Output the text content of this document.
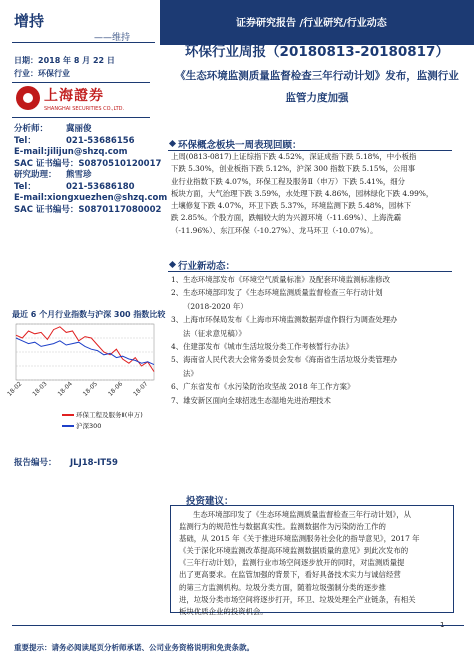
增持
——维持
日期：2018 年 8 月 22 日
行业：环保行业
上海證券
SHANGHAI SECURITIES CO.,LTD.
分析师： 冀丽俊
Tel：	021-53686156
E-mail:jilijun@shzq.com
SAC 证书编号：S0870510120017
研究助理： 熊雪珍
Tel：	021-53686180
E-mail:xiongxuezhen@shzq.com
SAC 证书编号：S0870117080002
最近 6 个月行业指数与沪深 300 指数比较
18-02 18-03 18-04 18-05 18-06 18-07
环保工程及服务Ⅱ(申万)
沪深300
报告编号： JLJ18-IT59
证券研究报告 /行业研究/行业动态
环保行业周报（20180813-20180817）
《生态环境监测质量监督检查三年行动计划》发布，监测行业
监管力度加强
环保概念板块一周表现回顾：
上周(0813-0817)上证综指下跌 4.52%，深证成指下跌 5.18%，中小板指
下跌 5.30%，创业板指下跌 5.12%，沪深 300 指数下跌 5.15%，公用事
业行业指数下跌 4.07%，环保工程及服务Ⅱ（申万）下跌 5.41%，细分
板块方面，大气治理下跌 3.59%，水处理下跌 4.86%，园林绿化下跌 4.99%，
土壤修复下跌 4.07%，环卫下跌 5.37%，环境监测下跌 5.48%，园林下
跌 2.85%。个股方面，跌幅较大的为兴源环境（-11.69%）、上海洗霸
（-11.96%）、东江环保（-10.27%）、龙马环卫（-10.07%）。
行业新动态：
1、生态环境部发布《环境空气质量标准》及配套环境监测标准修改
2、生态环境部印发了《生态环境监测质量监督检查三年行动计划
（2018-2020 年）
3、上海市环保局发布《上海市环境监测数据弄虚作假行为调查处理办
法（征求意见稿）》
4、住建部发布《城市生活垃圾分类工作考核暂行办法》
5、海南省人民代表大会常务委员会发布《海南省生活垃圾分类管理办
法》
6、广东省发布《水污染防治攻坚战 2018 年工作方案》
7、雄安新区面向全球招选生态湿地先进治理技术
投资建议：
生态环境部印发了《生态环境监测质量监督检查三年行动计划》，从
监测行为的规范性与数据真实性。监测数据作为污染防治工作的
基础，从 2015 年《关于推进环境监测服务社会化的指导意见》，2017 年
《关于深化环境监测改革提高环境监测数据质量的意见》到此次发布的
《三年行动计划》，监测行业市场空间逐步放开的同时，对监测质量提
出了更高要求。在监管加强的背景下，看好具备技术实力与诚信经营
的第三方监测机构。垃圾分类方面，随着垃圾强制分类的逐步推
进，垃圾分类市场空间将逐步打开，环卫、垃圾处理全产业链条，有相关
板块优质企业的投资机会。
1
重要提示：请务必阅读尾页分析师承诺、公司业务资格说明和免责条款。
